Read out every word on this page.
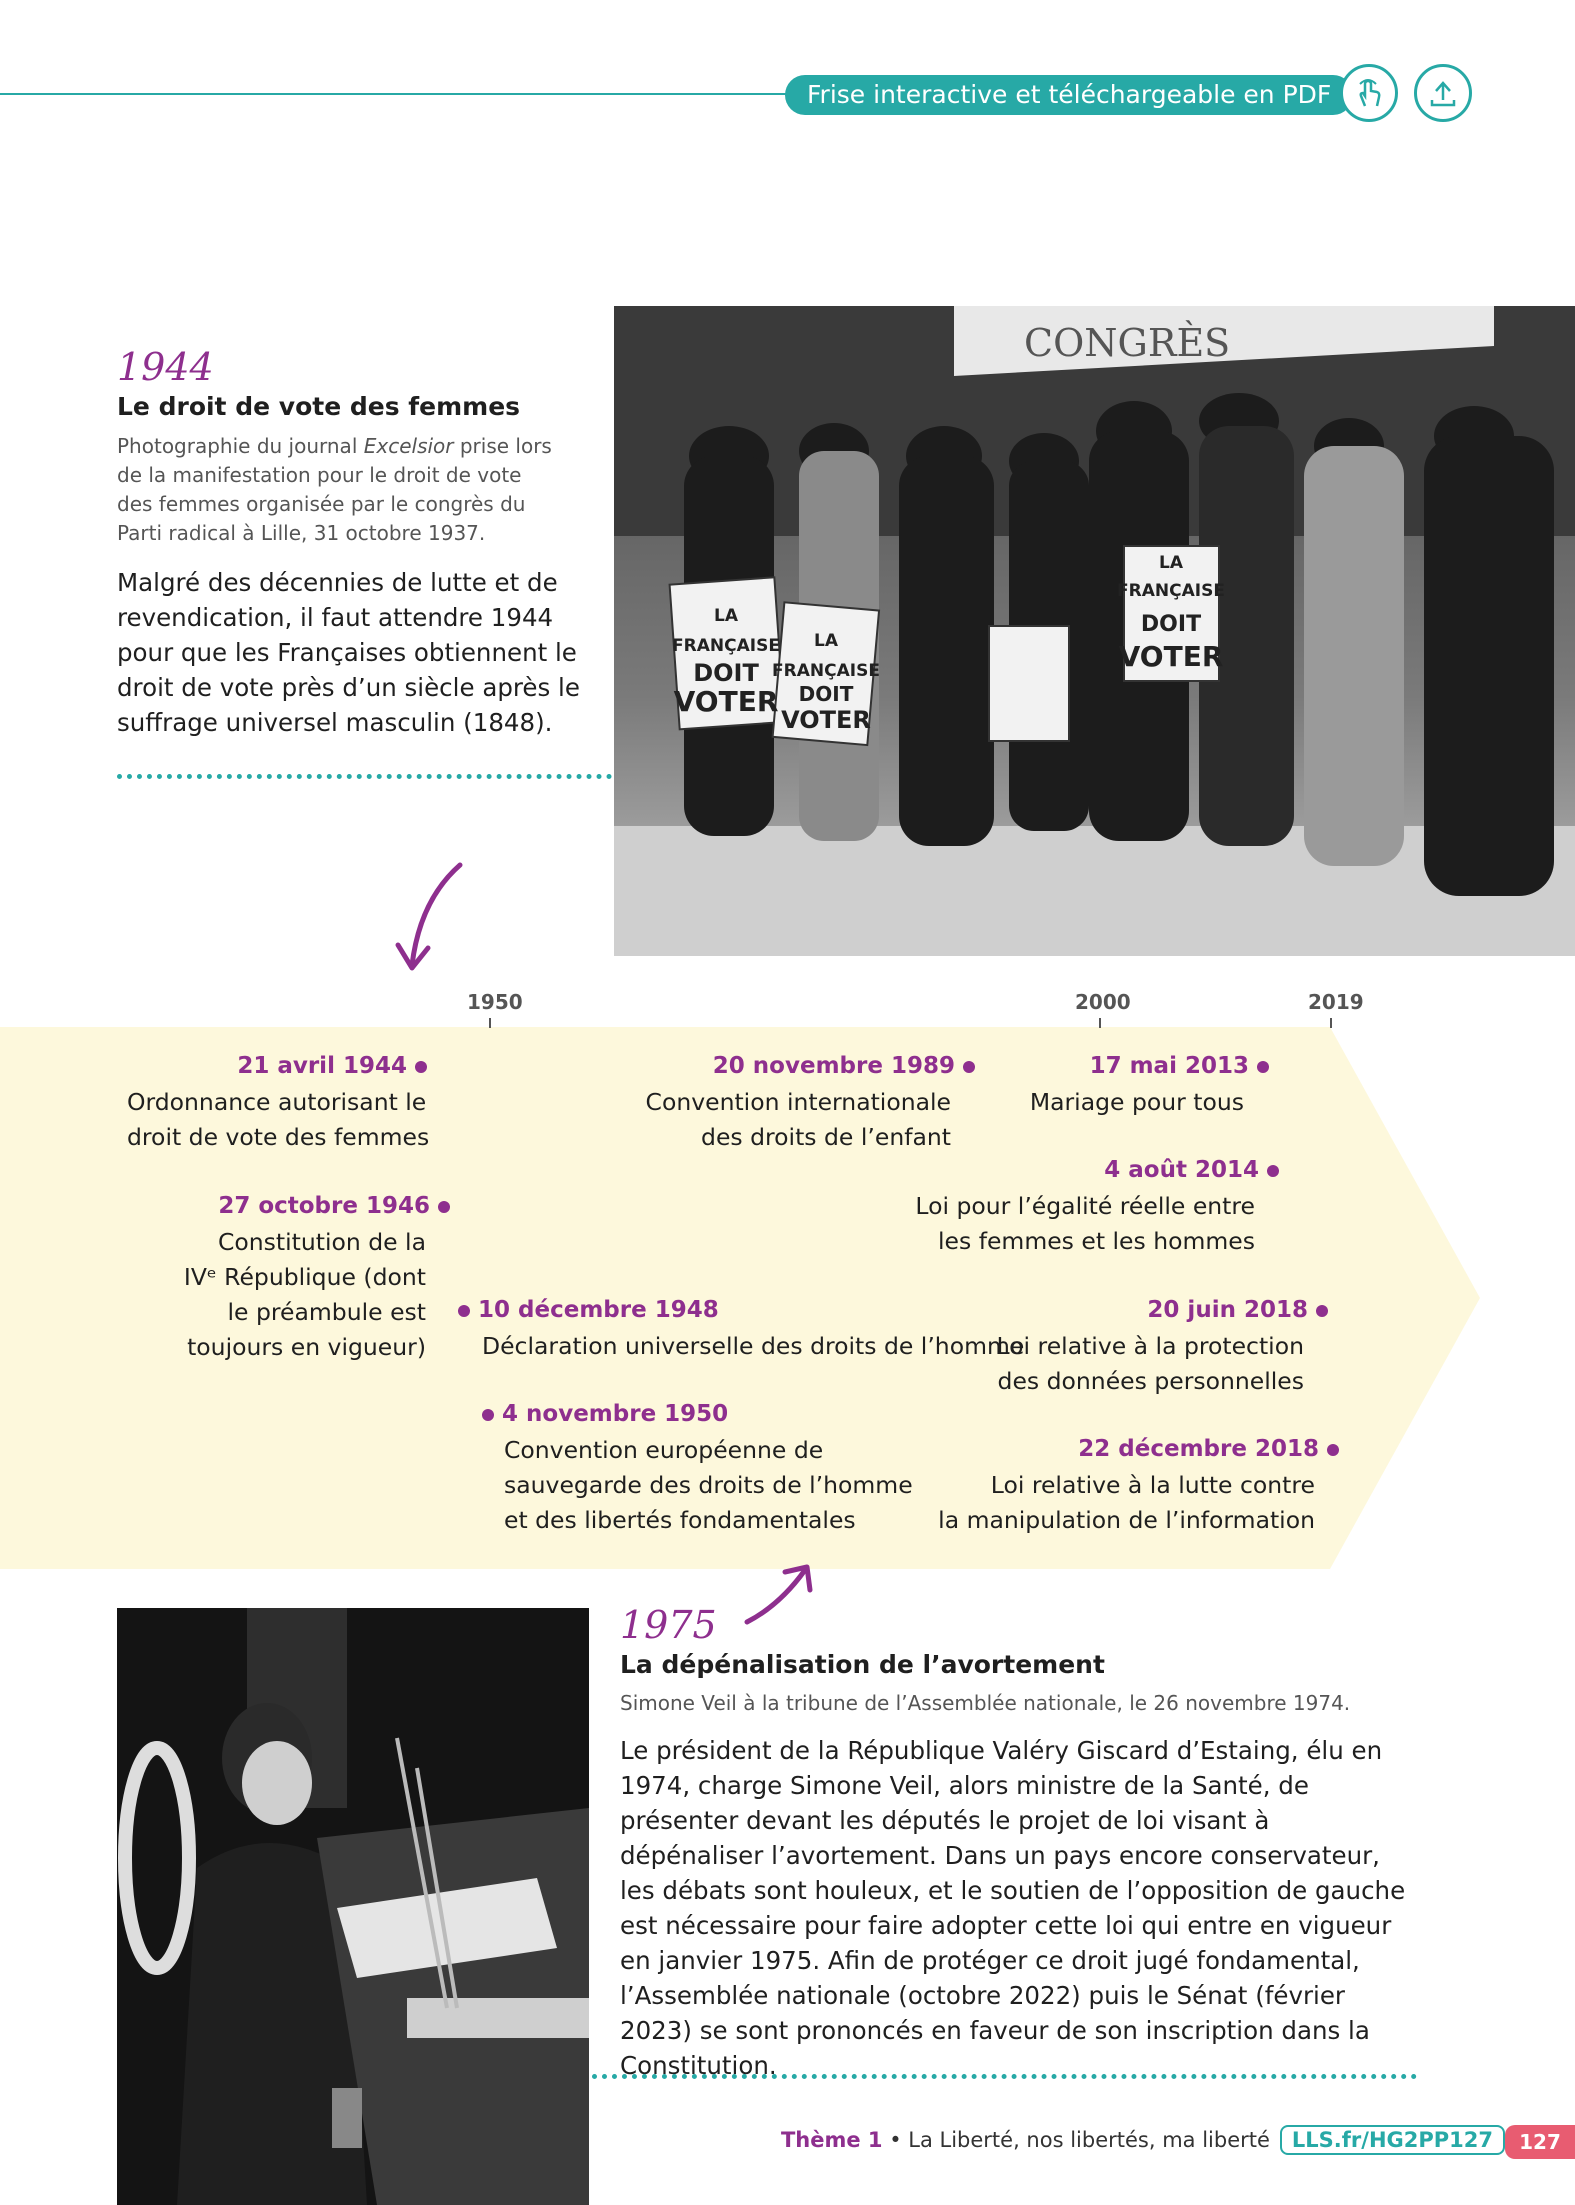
Frise interactive et téléchargeable en PDF
1944
Le droit de vote des femmes
Photographie du journal Excelsior prise lors de la manifestation pour le droit de vote des femmes organisée par le congrès du Parti radical à Lille, 31 octobre 1937.
Malgré des décennies de lutte et de revendication, il faut attendre 1944 pour que les Françaises obtiennent le droit de vote près d’un siècle après le suffrage universel masculin (1848).
CONGRÈS
LA
FRANÇAISE
DOIT
VOTER
LA
FRANÇAISE
DOIT
VOTER
LA
FRANÇAISE
DOIT
VOTER
1950	2000	2019
21 avril 1944
Ordonnance autorisant le
droit de vote des femmes
27 octobre 1946
Constitution de la
IVᵉ République (dont
le préambule est
toujours en vigueur)
10 décembre 1948
Déclaration universelle des droits de l’homme
4 novembre 1950
Convention européenne de
sauvegarde des droits de l’homme
et des libertés fondamentales
20 novembre 1989
Convention internationale
des droits de l’enfant
17 mai 2013
Mariage pour tous
4 août 2014
Loi pour l’égalité réelle entre
les femmes et les hommes
20 juin 2018
Loi relative à la protection
des données personnelles
22 décembre 2018
Loi relative à la lutte contre
la manipulation de l’information
1975
La dépénalisation de l’avortement
Simone Veil à la tribune de l’Assemblée nationale, le 26 novembre 1974.
Le président de la République Valéry Giscard d’Estaing, élu en 1974, charge Simone Veil, alors ministre de la Santé, de présenter devant les députés le projet de loi visant à dépénaliser l’avortement. Dans un pays encore conservateur, les débats sont houleux, et le soutien de l’opposition de gauche est nécessaire pour faire adopter cette loi qui entre en vigueur en janvier 1975. Afin de protéger ce droit jugé fondamental, l’Assemblée nationale (octobre 2022) puis le Sénat (février 2023) se sont prononcés en faveur de son inscription dans la Constitution.
Thème 1 • La Liberté, nos libertés, ma liberté	LLS.fr/HG2PP127	127
